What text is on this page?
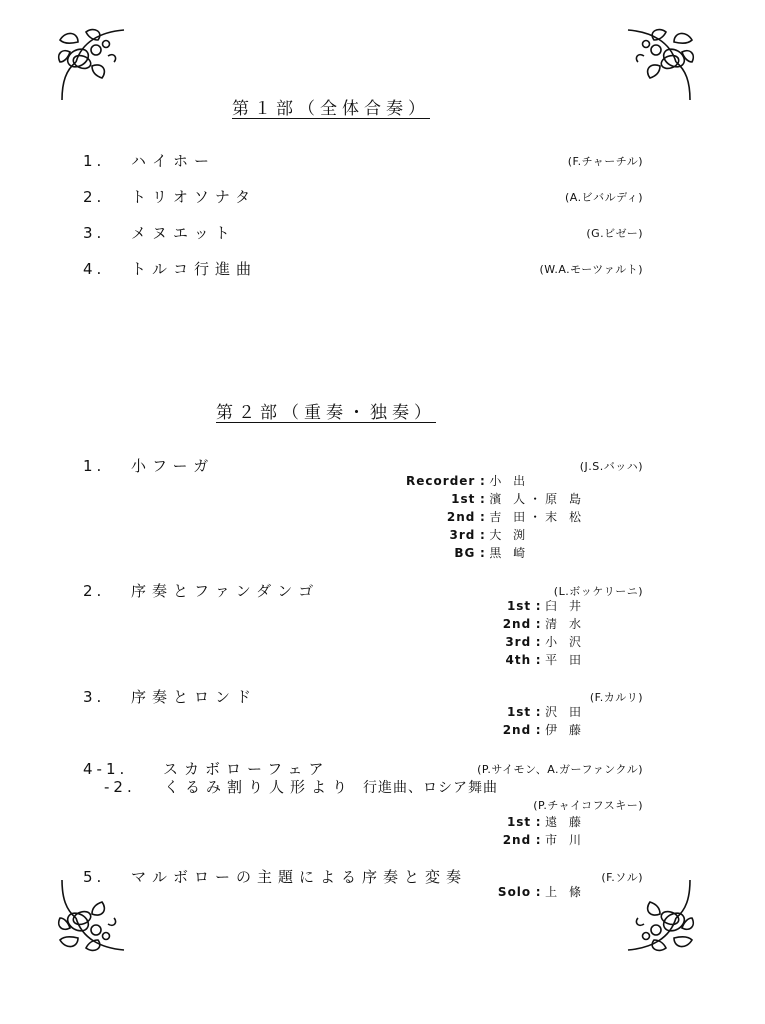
第１部（全体合奏）
1. ハイホー	(F.チャーチル)
2. トリオソナタ	(A.ビバルディ)
3. メヌエット	(G.ビゼー)
4. トルコ行進曲	(W.A.モーツァルト)
第２部（重奏・独奏）
1. 小フーガ	(J.S.バッハ)
Recorder : 小 出
1st : 濱 人・原 島
2nd : 吉 田・末 松
3rd : 大 渕
BG : 黒 崎
2. 序奏とファンダンゴ	(L.ボッケリーニ)
1st : 臼 井
2nd : 清 水
3rd : 小 沢
4th : 平 田
3. 序奏とロンド	(F.カルリ)
1st : 沢 田
2nd : 伊 藤
4-1. スカボローフェア	(P.サイモン、A.ガーファンクル)
-2. くるみ割り人形より 行進曲、ロシア舞曲
(P.チャイコフスキー)
1st : 遠 藤
2nd : 市 川
5. マルボローの主題による序奏と変奏	(F.ソル)
Solo : 上 條
